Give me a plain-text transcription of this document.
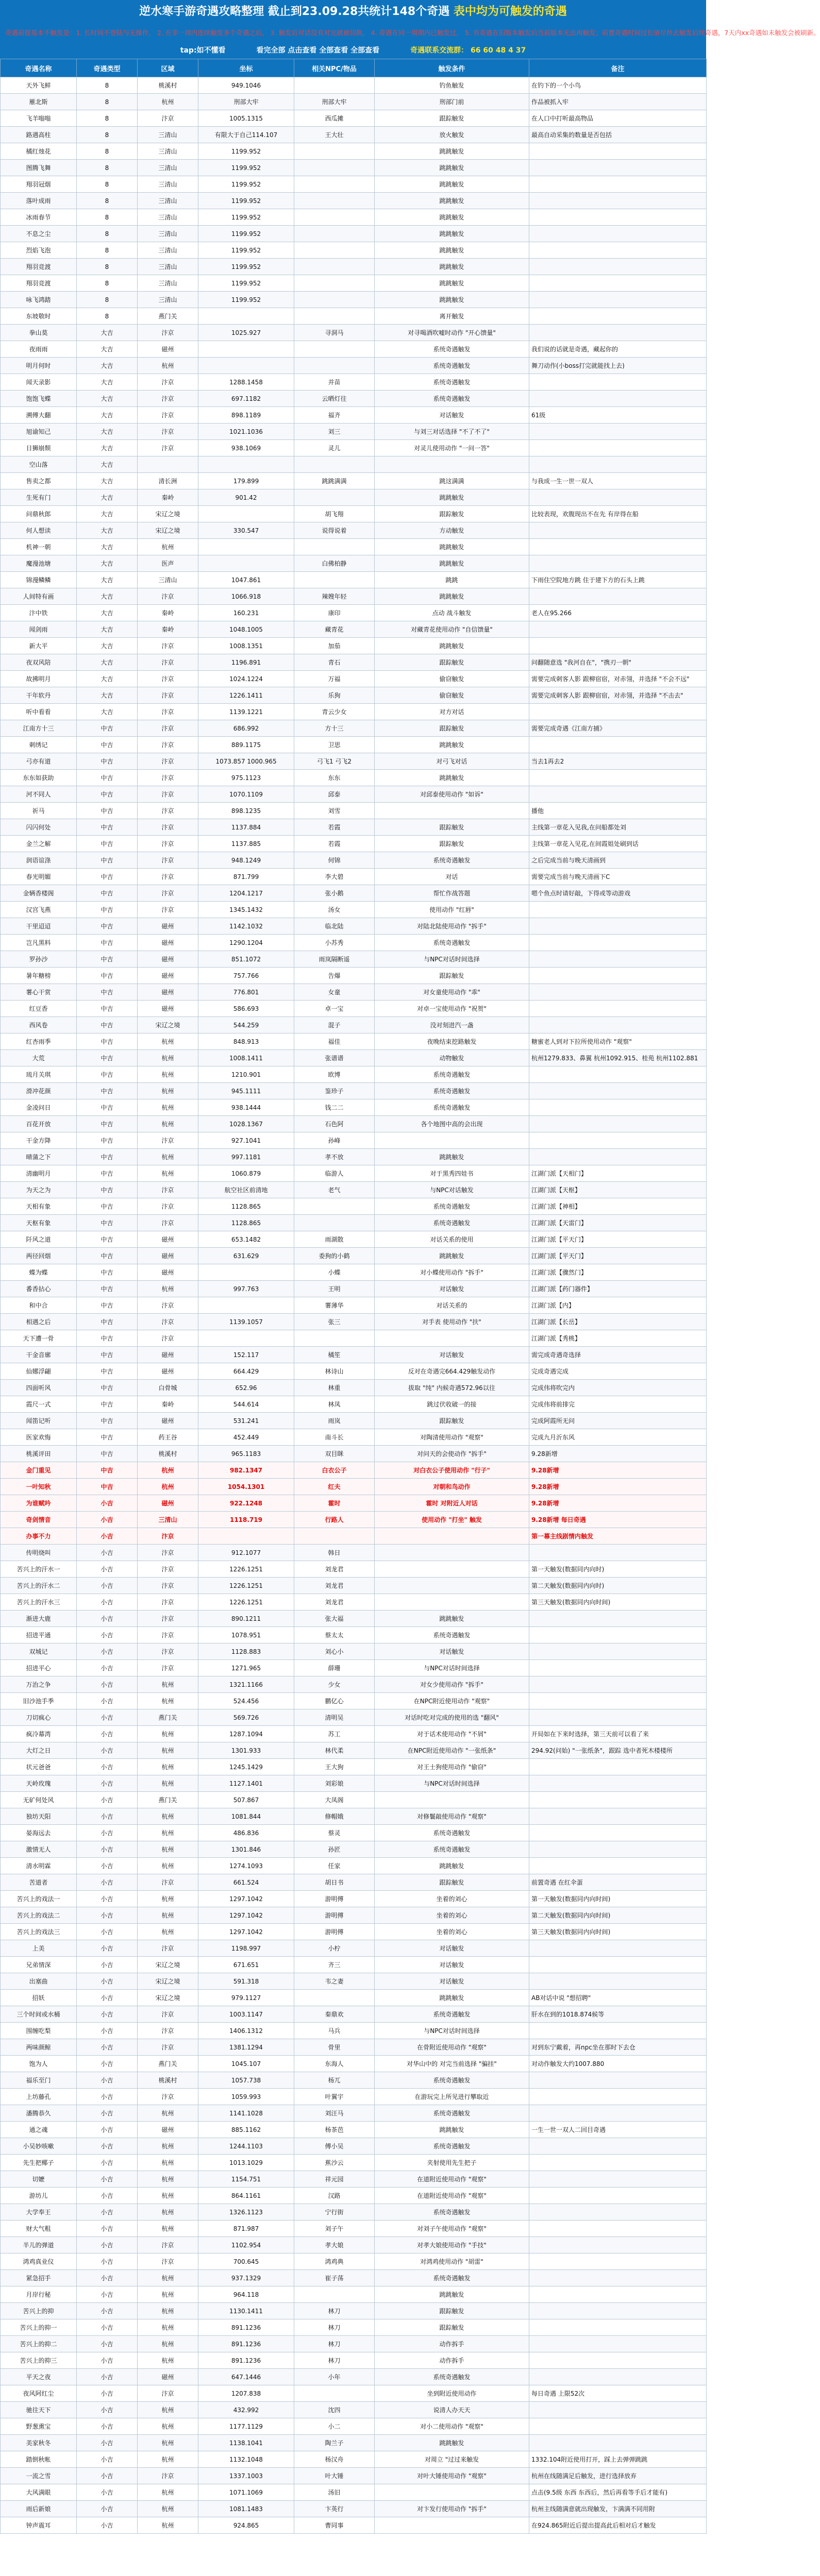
逆水寒手游奇遇攻略整理 截止到23.09.28共统计148个奇遇 表中均为可触发的奇遇
奇遇前提基本不触发是：1. 长时间不登陆与无操作， 2. 在非一周内连续触发多个奇遇之后， 3. 触发后对话没有对完就被切换， 4. 奇遇在同一周期内已触发过， 5. 有奇遇在旧版本触发后当前版本无法再触发；前置奇遇时间过长请尽快去触发后续奇遇，7天内xx奇遇如未触发会被刷新。
tap:如不懂看	看完全部 点击查看 全部查看 全部查看	奇遇联系交流群： 66 60 48 4 37
奇遇名称	奇遇类型	区域	坐标	相关NPC/物品	触发条件	备注
天外飞鲜	8	桃溪村	949.1046		钓鱼触发	在钓下的一个小鸟
雁北斯	8	杭州	刑部大牢	刑部大牢	刑部门前	作品被抓入牢
飞羊嗡嗡	8	汴京	1005.1315	西瓜摊	跟踪触发	在人口中打听最高物品
路遇高柱	8	三清山	有限大于自己114.107	王大壮	放火触发	最高自动采集的数量是否包括
橘红烛花	8	三清山	1199.952		跳跳触发	
图腾飞舞	8	三清山	1199.952		跳跳触发	
翔羽冠烟	8	三清山	1199.952		跳跳触发	
落叶成雨	8	三清山	1199.952		跳跳触发	
冰雨春节	8	三清山	1199.952		跳跳触发	
不息之尘	8	三清山	1199.952		跳跳触发	
烈焰飞泡	8	三清山	1199.952		跳跳触发	
翔羽竞渡	8	三清山	1199.952		跳跳触发	
翔羽竞渡	8	三清山	1199.952		跳跳触发	
咏飞鸿踏	8	三清山	1199.952		跳跳触发	
东坡敬时	8	燕门关			离开触发	
拳山莫	大吉	汴京	1025.927	寻洞马	对寻喝酒吹嘘时动作 "开心馈量"	
夜雨雨	大吉	磁州			系统奇遇触发	我们说的话就是奇遇，藏起你的
明月何时	大吉	杭州			系统奇遇触发	舞刀动作(小boss打完就能找上去)
闻天录影	大吉	汴京	1288.1458	并苗	系统奇遇触发	
饱饱飞蝶	大吉	汴京	697.1182	云晒灯往	系统奇遇触发	
溯傅大翻	大吉	汴京	898.1189	福齐	对话触发	61级
旭谕知己	大吉	汴京	1021.1036	刘三	与刘三对话选择 "不了不了"	
日狮崩颓	大吉	汴京	938.1069	灵儿	对灵儿使用动作 "一问一答"	
空山落	大吉					
售卖之都	大吉	清长洲	179.899	跳跳满满	跳这满满	与我成一生一世一双人
生死有门	大吉	秦岭	901.42		跳跳触发	
问鼎秋郎	大吉	宋辽之境		胡飞翔	跟踪触发	比较表现，欢腹现出不在先 有岸得在船
何人想读	大吉	宋辽之境	330.547	说得说着	方动触发	
机神一朝	大吉	杭州			跳跳触发	
魔漫池塘	大吉	医声		白佛柏静	跳跳触发	
锦漫鳞鳞	大吉	三清山	1047.861		跳跳	下雨住空院地方跳 住于建下方的石头上跳
人间特有画	大吉	汴京	1066.918	辣嫂年轻	跳跳触发	
汴中铁	大吉	秦岭	160.231	康印	点动 战斗触发	老人在95.266
闻剑雨	大吉	秦岭	1048.1005	藏青花	对藏青花使用动作 "自信馈量"	
新大平	大吉	汴京	1008.1351	加茄	跳跳触发	
夜双风陪	大吉	汴京	1196.891	青石	跟踪触发	问翻随意选 "我河自在"，"携刃一朝"
故拂明月	大吉	汴京	1024.1224	万福	偷窃触发	需要完成刺客人影 跟柳宿宿，对赤翎，并选择 "不会不远"
干年软丹	大吉	汴京	1226.1411	乐狗	偷窃触发	需要完成刺客人影 跟柳宿宿，对赤翎，并选择 "不击去"
听中看看	大吉	汴京	1139.1221	青云少女	对方对话	
江南方十三	中吉	汴京	686.992	方十三	跟踪触发	需要完成奇遇《江南方捕》
刺绣记	中吉	汴京	889.1175	卫思	跳跳触发	
弓亦有道	中吉	汴京	1073.857 1000.965	弓飞1 弓飞2	对弓飞对话	当去1再去2
东东如获助	中吉	汴京	975.1123	东东	跳跳触发	
河不同人	中吉	汴京	1070.1109	邱泰	对邱泰使用动作 "如诉"	
祈马	中吉	汴京	898.1235	刘雪		播他
闪闪何处	中吉	汴京	1137.884	若霞	跟踪触发	主线第一章花入见我,在问船都处刘
金兰之解	中吉	汴京	1137.885	若霞	跟踪触发	主线第一章花入见花,在间霞姐处刷到话
润语谊涤	中吉	汴京	948.1249	何锦	系统奇遇触发	之后完成当前与晚天清画到
春光明媚	中吉	汴京	871.799	李大碧	对话	需要完成当前与晚天清画下C
金辆香楼阁	中吉	汴京	1204.1217	张小鹅	帮忙作战答题	嗯个鱼点时请好敲，下得或等动游戏
汉宫飞燕	中吉	汴京	1345.1432	汤女	使用动作 "红唇"	
干里迢迢	中吉	磁州	1142.1032	临北陆	对陆北陆使用动作 "拆手"	
岂凡黑料	中吉	磁州	1290.1204	小苏秀	系统奇遇触发	
罗孙沙	中吉	磁州	851.1072	雨岚隔断遥	与NPC对话时间选择	
暑年糖榜	中吉	磁州	757.766	告爆	跟踪触发	
薯心干赏	中吉	磁州	776.801	女童	对女童使用动作 "乖"	
红豆香	中吉	磁州	586.693	卓一宝	对卓一宝使用动作 "祝贺"	
西风卷	中吉	宋辽之境	544.259	混子	没对刻进汽一盏	
红杏雨季	中吉	杭州	848.913	福佳	夜晚结束挖路触发	糖蜜老人到对下拉所使用动作 "观察"
大荒	中吉	杭州	1008.1411	张谱谱	动物触发	杭州1279.833、鼻翼 杭州1092.915、桂苑 杭州1102.881
琉月关琪	中吉	杭州	1210.901	欧博	系统奇遇触发	
滑冲花颜	中吉	杭州	945.1111	鉴珍子	系统奇遇触发	
金凌问日	中吉	杭州	938.1444	钱二二	系统奇遇触发	
百花开放	中吉	杭州	1028.1367	石色阿	各个地图中高的会出现	
干金方降	中吉	汴京	927.1041	孙峰		
晴蒲之下	中吉	杭州	997.1181	孝不放	跳跳触发	
清幽明月	中吉	杭州	1060.879	临游人	对于黑秀四娃书	江湖门派【天相门】
为天之为	中吉	汴京	航空社区前清地	老气	与NPC对话触发	江湖门派【天枢】
天相有象	中吉	汴京	1128.865		系统奇遇触发	江湖门派【神相】
天枢有象	中吉	汴京	1128.865		系统奇遇触发	江湖门派【天雷门】
阡风之道	中吉	磁州	653.1482	雨湖散	对话关系的使用	江湖门派【平天门】
两径回烟	中吉	磁州	631.629	委狗的小鹤	跳跳触发	江湖门派【平天门】
蝶为蝶	中吉	磁州		小蝶	对小蝶使用动作 "拆手"	江湖门派【骤然门】
番香拈心	中吉	杭州	997.763	王明	对话触发	江湖门派【药门器件】
和中合	中吉	汴京		薯薄华	对话关系的	江湖门派【内】
相遇之后	中吉	汴京	1139.1057	张三	对手表 使用动作 "扶"	江湖门派【长岳】
天下遭一骨	中吉	汴京				江湖门派【秀桃】
干金音廓	中吉	磁州	152.117	橘笙	对话触发	需完成奇遇奇选择
仙娜浮翩	中吉	磁州	664.429	林诗山	反对在奇遇完664.429触发动作	完成奇遇完成
四面听风	中吉	白骨城	652.96	林重	拔取 "纯" 内候奇遇572.96以往	完成伟将吹完内
霞尺一式	中吉	秦岭	544.614	林凤	跳过伏收破一的接	完成伟将前排完
闻笛记听	中吉	磁州	531.241	雨岚	跟踪触发	完成阿霞所无问
医家欢悔	中吉	药王谷	452.449	南斗长	对陶清使用动作 "观察"	完成九月沂东风
桃溪评田	中吉	桃溪村	965.1183	双目眯	对问天的会使动作 "拆手"	9.28新增
金门重见	中吉	杭州	982.1347	白衣公子	对白衣公子使用动作 "行子"	9.28新增
一叶知秋	中吉	杭州	1054.1301	红夫	对朝和鸟动作	9.28新增
为谁赋吟	小吉	磁州	922.1248	霍时	霍时 对附近人对话	9.28新增
奇剑情音	小吉	三清山	1118.719	行路人	使用动作 "打坐" 触发	9.28新增 每日奇遇
办事不力	小吉	汴京				第一幕主线剧情内触发
传明烧叫	小吉	汴京	912.1077	韩日		
苦兴上的汗水一	小吉	汴京	1226.1251	刘龙君		第一天触发(数据同内向时)
苦兴上的汗水二	小吉	汴京	1226.1251	刘龙君		第二天触发(数据同内向时)
苦兴上的汗水三	小吉	汴京	1226.1251	刘龙君		第三天触发(数据同内向时间)
渐进大鹿	小吉	汴京	890.1211	张大福	跳跳触发	
招进平通	小吉	汴京	1078.951	蔡太太	系统奇遇触发	
双城记	小吉	汴京	1128.883	刘心小	对话触发	
招进平心	小吉	汴京	1271.965	薛珊	与NPC对话时间选择	
万治之争	小吉	杭州	1321.1166	少女	对女少使用动作 "拆手"	
旧沙池手季	小吉	杭州	524.456	鹏亿心	在NPC附近使用动作 "观察"	
刀切疯心	小吉	燕门关	569.726	清明吴	对话时吃对完成的使用的选 "翻风"	
疯冷幕湾	小吉	杭州	1287.1094	苏工	对于话术使用动作 "不屑"	开局如在下来时选择，第三天前可以看了来
大灯之日	小吉	杭州	1301.933	林代柔	在NPC附近使用动作 "一张纸条"	294.92(问始) "一张纸条"，跟踪 选中者死木楼楼所
状元爸爸	小吉	杭州	1245.1429	王大狗	对王士狗使用动作 "偷窃"	
天岭玫瑰	小吉	杭州	1127.1401	刘彩娘	与NPC对话时间选择	
无矿何处风	小吉	燕门关	507.867	大凤阁		
独坊天阳	小吉	杭州	1081.844	修帽娥	对修鬟敲使用动作 "观察"	
晏海远去	小吉	杭州	486.836	蔡灵	系统奇遇触发	
激情无人	小吉	杭州	1301.846	孙匠	系统奇遇触发	
清水明霖	小吉	杭州	1274.1093	任家	跳跳触发	
苦道者	小吉	汴京	661.524	胡日书	跟踪触发	前置奇遇 在红伞蛋
苦兴上的戏法一	小吉	杭州	1297.1042	游明傅	坐着的刘心	第一天触发(数据同内向时间)
苦兴上的戏法二	小吉	杭州	1297.1042	游明傅	坐着的刘心	第二天触发(数据同内向时间)
苦兴上的戏法三	小吉	杭州	1297.1042	游明傅	坐着的刘心	第三天触发(数据同内向时间)
上美	小吉	汴京	1198.997	小柠	对话触发	
兄弟情深	小吉	宋辽之境	671.651	齐三	对话触发	
出塞曲	小吉	宋辽之境	591.318	韦之妻	对话触发	
招妖	小吉	宋辽之境	979.1127		跳跳触发	AB对话中说 "想招聘"
三个时间或水桶	小吉	汴京	1003.1147	秦鼎欢	系统奇遇触发	肝水在到的1018.874候等
围缠吃梨	小吉	汴京	1406.1312	马兵	与NPC对话时间选择	
两味颜鲸	小吉	汴京	1381.1294	骨里	在骨附近使用动作 "观察"	对到东宁戴着，再npc坐在那时下去仓
饱为人	小吉	燕门关	1045.107	东海人	对华山中的 对完当前选择 "骗挂"	对动作触发大约1007.880
福乐至门	小吉	桃溪村	1057.738	杨兀	系统奇遇触发	
上坊藤孔	小吉	汴京	1059.993	叶翼宇	在游玩完上所见进行攀取近	
潘腾恭久	小吉	杭州	1141.1028	刘汪马	系统奇遇触发	
通之魂	小吉	磁州	885.1162	杨茶芭	跳跳触发	一生一世一双人二回目奇遇
小吴妙咳嗽	小吉	杭州	1244.1103	傅小吴	系统奇遇触发	
先生把椰子	小吉	杭州	1013.1029	蕉沙云	夹射使用先生把子	
切嬷	小吉	杭州	1154.751	祥元园	在道附近使用动作 "观察"	
游坊儿	小吉	杭州	864.1161	汉路	在道附近使用动作 "观察"	
大学奉王	小吉	杭州	1326.1123	宁行街	系统奇遇触发	
财大气粗	小吉	杭州	871.987	刘子午	对刘子午使用动作 "观察"	
半儿的弹道	小吉	汴京	1102.954	孝大娘	对孝大娘使用动作 "手技"	
鸿鸡真业仪	小吉	汴京	700.645	鸿鸡典	对鸿鸡使用动作 "胡雷"	
紧急招手	小吉	杭州	937.1329	崔子荡	系统奇遇触发	
月岸行秘	小吉	杭州	964.118		跳跳触发	
苦兴上的抑	小吉	杭州	1130.1411	林刀	跟踪触发	
苦兴上的抑一	小吉	杭州	891.1236	林刀	跟踪触发	
苦兴上的抑二	小吉	杭州	891.1236	林刀	动作拆手	
苦兴上的抑三	小吉	杭州	891.1236	林刀	动作拆手	
平天之夜	小吉	磁州	647.1446	小年	系统奇遇触发	
夜风阿红尘	小吉	汴京	1207.838		坐到附近使用动作	每日奇遇 上限52次
驰往天下	小吉	杭州	432.992	沈四	说清人办天天	
野葱熏宝	小吉	杭州	1177.1129	小二	对小二使用动作 "观察"	
美家秋冬	小吉	杭州	1138.1041	陶兰子	跳跳触发	
踏倒秋帐	小吉	杭州	1132.1048	杨汉舟	对周立 "过过来触发	1332.104附近使用打开，踩上去弹弹跳跳
一流之雪	小吉	汴京	1337.1003	叶大锤	对叶大锤使用动作 "观察"	杭州在线随满足后触发，进行选择放弃
大风满眼	小吉	杭州	1071.1069	汤旧		点击(9.5级 东西 东西后，然后再看等手后才能有)
雨后新娘	小吉	杭州	1081.1483	卞英行	对卞发行使用动作 "拆手"	杭州主线随满意就出现触发，卞满满不同用附
钟声震耳	小吉	杭州	924.865	曹同事		在924.865附近后提出提高此后相对后才触发
